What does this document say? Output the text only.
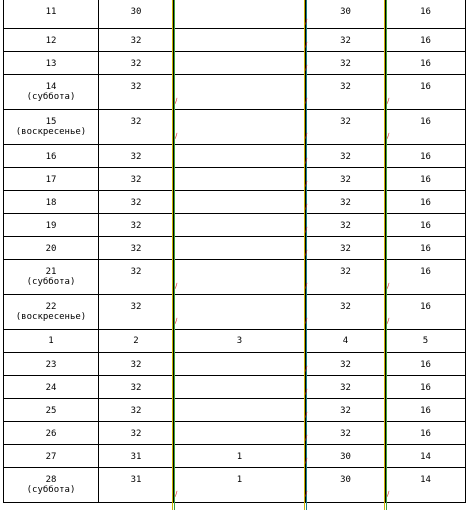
11	30		30	16

12	32		32	16

13	32		32	16

14
(суббота)	32		32	16

15
(воскресенье)	32		32	16

16	32		32	16

17	32		32	16

18	32		32	16

19	32		32	16

20	32		32	16

21
(суббота)	32		32	16

22
(воскресенье)	32		32	16

1	2	3	4	5

23	32		32	16

24	32		32	16

25	32		32	16

26	32		32	16

27	31	1	30	14

28
(суббота)	31	1	30	14
∕
∕
∕
∕	∕	∕
∕	∕	∕
∕
∕
∕
∕
∕
∕	∕	∕
∕	∕	∕
∕
∕
∕
∕
∕
∕	∕	∕
